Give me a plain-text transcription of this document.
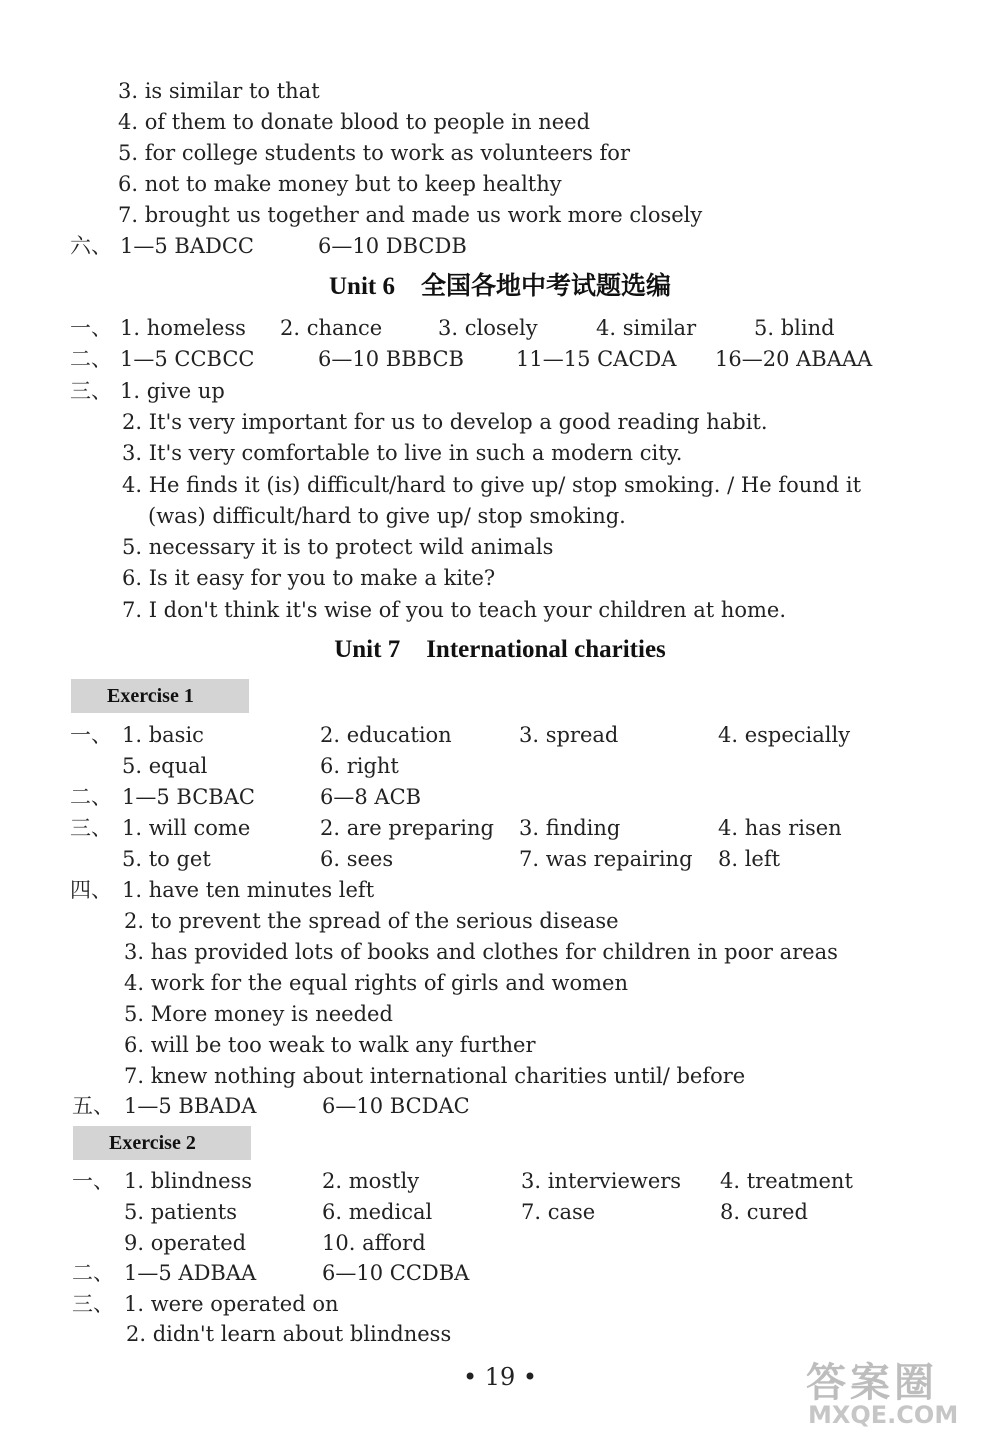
3. is similar to that
4. of them to donate blood to people in need
5. for college students to work as volunteers for
6. not to make money but to keep healthy
7. brought us together and made us work more closely
六、 1—5 BADCC	6—10 DBCDB
Unit 6 全国各地中考试题选编
一、 1. homeless 2. chance	3. closely	4. similar	5. blind
二、 1—5 CCBCC	6—10 BBBCB 11—15 CACDA 16—20 ABAAA
三、 1. give up
2. It's very important for us to develop a good reading habit.
3. It's very comfortable to live in such a modern city.
4. He finds it (is) difficult/hard to give up/ stop smoking. / He found it
(was) difficult/hard to give up/ stop smoking.
5. necessary it is to protect wild animals
6. Is it easy for you to make a kite?
7. I don't think it's wise of you to teach your children at home.
Unit 7 International charities
Exercise 1
一、 1. basic	2. education	3. spread	4. especially
5. equal	6. right
二、 1—5 BCBAC	6—8 ACB
三、 1. will come	2. are preparing 3. finding	4. has risen
5. to get	6. sees	7. was repairing 8. left
四、 1. have ten minutes left
2. to prevent the spread of the serious disease
3. has provided lots of books and clothes for children in poor areas
4. work for the equal rights of girls and women
5. More money is needed
6. will be too weak to walk any further
7. knew nothing about international charities until/ before
五、 1—5 BBADA	6—10 BCDAC
Exercise 2
一、 1. blindness	2. mostly	3. interviewers 4. treatment
5. patients	6. medical	7. case	8. cured
9. operated	10. afford
二、 1—5 ADBAA	6—10 CCDBA
三、 1. were operated on
2. didn't learn about blindness
• 19 •	答案圈
MXQE.COM
